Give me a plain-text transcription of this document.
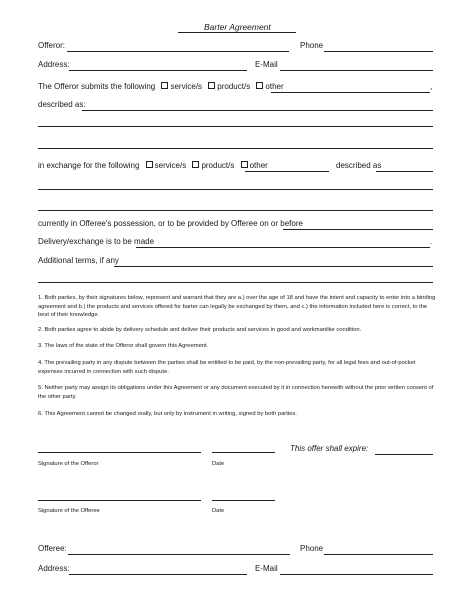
Barter Agreement
Offeror:	Phone
Address:	E-Mail
The Offeror submits the following service/s product/s other	,
described as:
in exchange for the following service/s product/s other	described as
currently in Offeree's possession, or to be provided by Offeree on or before
Delivery/exchange is to be made	.
Additional terms, if any
1. Both parties, by their signatures below, represent and warrant that they are a.) over the age of 18 and have the intent and capacity to enter into a binding agreement and b.) the products and services offered for barter can legally be exchanged by them, and c.) the information included here is correct, to the best of their knowledge.
2. Both parties agree to abide by delivery schedule and deliver their products and services in good and workmanlike condition.
3. The laws of the state of the Offeror shall govern this Agreement.
4. The prevailing party in any dispute between the parties shall be entitled to be paid, by the non-prevailing party, for all legal fees and out-of-pocket expenses incurred in connection with such dispute.
5. Neither party may assign its obligations under this Agreement or any document executed by it in connection herewith without the prior written consent of the other party.
6. This Agreement cannot be changed orally, but only by instrument in writing, signed by both parties.
This offer shall expire:
Signature of the Offeror	Date
Signature of the Offeree	Date
Offeree:	Phone
Address:	E-Mail
